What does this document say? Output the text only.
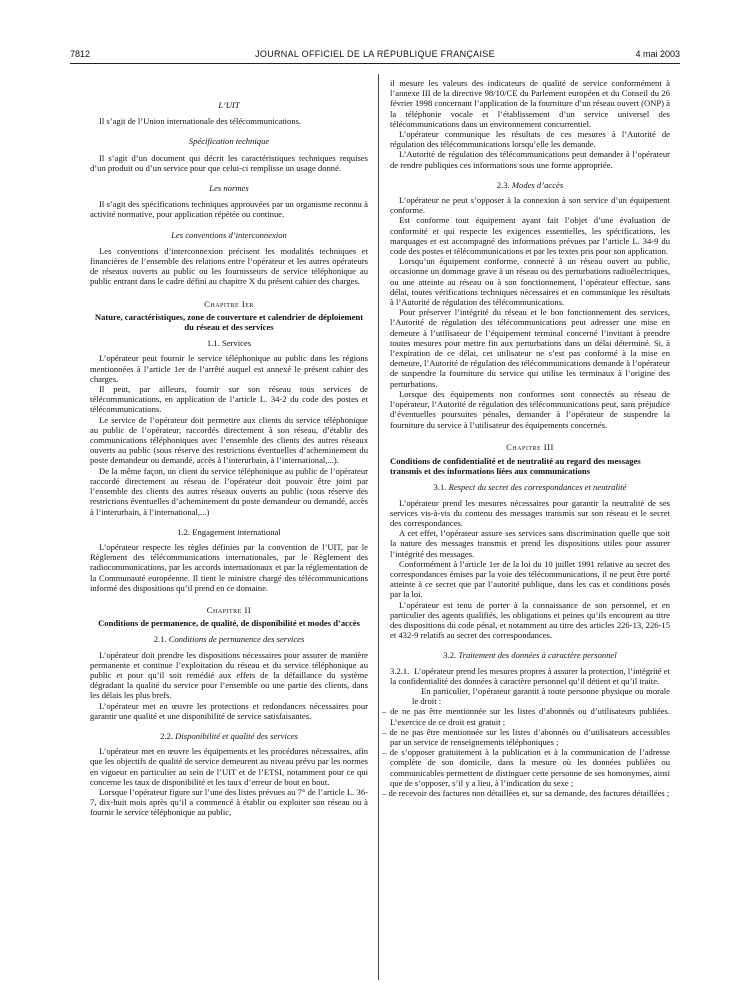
7812	JOURNAL OFFICIEL DE LA RÉPUBLIQUE FRANÇAISE	4 mai 2003
L’UIT

Il s’agit de l’Union internationale des télécommunications.

Spécification technique

Il s’agit d’un document qui décrit les caractéristiques techniques requises d’un produit ou d’un service pour que celui-ci remplisse un usage donné.

Les normes

Il s’agit des spécifications techniques approuvées par un organisme reconnu à activité normative, pour application répétée ou continue.

Les conventions d’interconnexion

Les conventions d’interconnexion précisent les modalités techniques et financières de l’ensemble des relations entre l’opérateur et les autres opérateurs de réseaux ouverts au public ou les fournisseurs de service téléphonique au public entrant dans le cadre défini au chapitre X du présent cahier des charges.

Chapitre Ier
Nature, caractéristiques, zone de couverture et calendrier de déploiement du réseau et des services
1.1. Services

L’opérateur peut fournir le service téléphonique au public dans les régions mentionnées à l’article 1er de l’arrêté auquel est annexé le présent cahier des charges.

Il peut, par ailleurs, fournir sur son réseau tous services de télécommunications, en application de l’article L. 34-2 du code des postes et télécommunications.

Le service de l’opérateur doit permettre aux clients du service téléphonique au public de l’opérateur, raccordés directement à son réseau, d’établir des communications téléphoniques avec l’ensemble des clients des autres réseaux ouverts au public (sous réserve des restrictions éventuelles d’acheminement du poste demandeur ou demandé, accès à l’interurbain, à l’international,...).

De la même façon, un client du service téléphonique au public de l’opérateur raccordé directement au réseau de l’opérateur doit pouvoir être joint par l’ensemble des clients des autres réseaux ouverts au public (sous réserve des restrictions éventuelles d’acheminement du poste demandeur ou demandé, accès à l’interurbain, à l’international,...)

1.2. Engagement international

L’opérateur respecte les règles définies par la convention de l’UIT, par le Règlement des télécommunications internationales, par le Règlement des radiocommunications, par les accords internationaux et par la réglementation de la Communauté européenne. Il tient le ministre chargé des télécommunications informé des dispositions qu’il prend en ce domaine.

Chapitre II
Conditions de permanence, de qualité, de disponibilité et modes d’accès
2.1. Conditions de permanence des services

L’opérateur doit prendre les dispositions nécessaires pour assurer de manière permanente et continue l’exploitation du réseau et du service téléphonique au public et pour qu’il soit remédié aux effets de la défaillance du système dégradant la qualité du service pour l’ensemble ou une partie des clients, dans les délais les plus brefs.

L’opérateur met en œuvre les protections et redondances nécessaires pour garantir une qualité et une disponibilité de service satisfaisantes.

2.2. Disponibilité et qualité des services

L’opérateur met en œuvre les équipements et les procédures nécessaires, afin que les objectifs de qualité de service demeurent au niveau prévu par les normes en vigueur en particulier au sein de l’UIT et de l’ETSI, notamment pour ce qui concerne les taux de disponibilité et les taux d’erreur de bout en bout.

Lorsque l’opérateur figure sur l’une des listes prévues au 7° de l’article L. 36-7, dix-huit mois après qu’il a commencé à établir ou exploiter son réseau ou à fournir le service téléphonique au public,

il mesure les valeurs des indicateurs de qualité de service conformément à l’annexe III de la directive 98/10/CE du Parlement européen et du Conseil du 26 février 1998 concernant l’application de la fourniture d’un réseau ouvert (ONP) à la téléphonie vocale et l’établissement d’un service universel des télécommunications dans un environnement concurrentiel.

L’opérateur communique les résultats de ces mesures à l’Autorité de régulation des télécommunications lorsqu’elle les demande.

L’Autorité de régulation des télécommunications peut demander à l’opérateur de rendre publiques ces informations sous une forme appropriée.

2.3. Modes d’accès

L’opérateur ne peut s’opposer à la connexion à son service d’un équipement conforme.

Est conforme tout équipement ayant fait l’objet d’une évaluation de conformité et qui respecte les exigences essentielles, les spécifications, les marquages et est accompagné des informations prévues par l’article L. 34-9 du code des postes et télécommunications et par les textes pris pour son application.

Lorsqu’un équipement conforme, connecté à un réseau ouvert au public, occasionne un dommage grave à un réseau ou des perturbations radioélectriques, ou une atteinte au réseau ou à son fonctionnement, l’opérateur effectue, sans délai, toutes vérifications techniques nécessaires et en communique les résultats à l’Autorité de régulation des télécommunications.

Pour préserver l’intégrité du réseau et le bon fonctionnement des services, l’Autorité de régulation des télécommunications peut adresser une mise en demeure à l’utilisateur de l’équipement terminal concerné l’invitant à prendre toutes mesures pour mettre fin aux perturbations dans un délai déterminé. Si, à l’expiration de ce délai, cet utilisateur ne s’est pas conformé à la mise en demeure, l’Autorité de régulation des télécommunications demande à l’opérateur de suspendre la fourniture du service qui utilise les terminaux à l’origine des perturbations.

Lorsque des équipements non conformes sont connectés au réseau de l’opérateur, l’Autorité de régulation des télécommunications peut, sans préjudice d’éventuelles poursuites pénales, demander à l’opérateur de suspendre la fourniture du service à l’utilisateur des équipements concernés.

Chapitre III
Conditions de confidentialité et de neutralité au regard des messages transmis et des informations liées aux communications
3.1. Respect du secret des correspondances et neutralité

L’opérateur prend les mesures nécessaires pour garantir la neutralité de ses services vis-à-vis du contenu des messages transmis sur son réseau et le secret des correspondances.

A cet effet, l’opérateur assure ses services sans discrimination quelle que soit la nature des messages transmis et prend les dispositions utiles pour assurer l’intégrité des messages.

Conformément à l’article 1er de la loi du 10 juillet 1991 relative au secret des correspondances émises par la voie des télécommunications, il ne peut être porté atteinte à ce secret que par l’autorité publique, dans les cas et conditions posés par la loi.

L’opérateur est tenu de porter à la connaissance de son personnel, et en particulier des agents qualifiés, les obligations et peines qu’ils encourent au titre des dispositions du code pénal, et notamment au titre des articles 226-13, 226-15 et 432-9 relatifs au secret des correspondances.

3.2. Traitement des données à caractère personnel

3.2.1. L’opérateur prend les mesures propres à assurer la protection, l’intégrité et la confidentialité des données à caractère personnel qu’il détient et qu’il traite.

En particulier, l’opérateur garantit à toute personne physique ou morale le droit :

– de ne pas être mentionnée sur les listes d’abonnés ou d’utilisateurs publiées. L’exercice de ce droit est gratuit ;

– de ne pas être mentionnée sur les listes d’abonnés ou d’utilisateurs accessibles par un service de renseignements téléphoniques ;

– de s’opposer gratuitement à la publication et à la communication de l’adresse complète de son domicile, dans la mesure où les données publiées ou communicables permettent de distinguer cette personne de ses homonymes, ainsi que de s’opposer, s’il y a lieu, à l’indication du sexe ;

– de recevoir des factures non détaillées et, sur sa demande, des factures détaillées ;
